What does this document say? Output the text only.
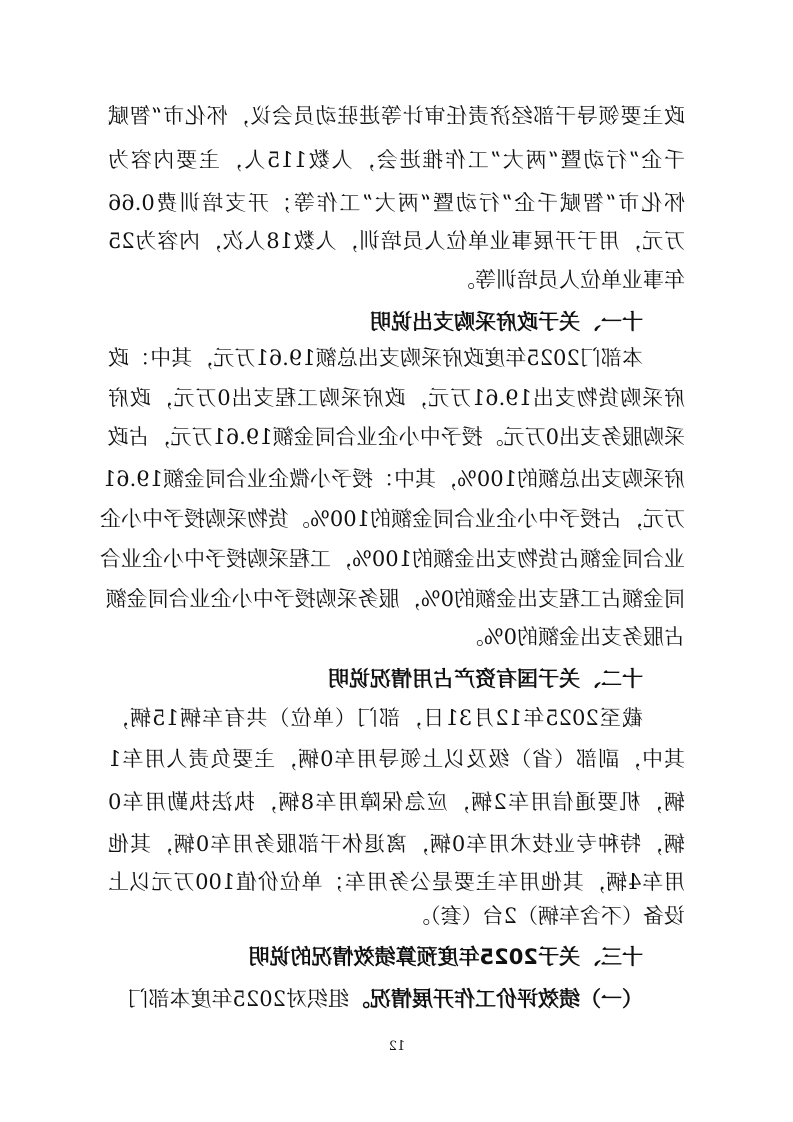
政主要领导干部经济责任审计等进驻动员会议，怀化市“智赋
千企”行动暨“两大”工作推进会，人数115人，主要内容为
怀化市“智赋千企”行动暨“两大”工作等；开支培训费0.66
万元，用于开展事业单位人员培训，人数18人次，内容为25
年事业单位人员培训等。
十一、关于政府采购支出说明
本部门2025年度政府采购支出总额19.61万元，其中：政
府采购货物支出19.61万元，政府采购工程支出0万元，政府
采购服务支出0万元。授予中小企业合同金额19.61万元，占政
府采购支出总额的100%，其中：授予小微企业合同金额19.61
万元，占授予中小企业合同金额的100%。货物采购授予中小企
业合同金额占货物支出金额的100%，工程采购授予中小企业合
同金额占工程支出金额的0%，服务采购授予中小企业合同金额
占服务支出金额的0%。
十二、关于国有资产占用情况说明
截至2025年12月31日，部门（单位）共有车辆15辆，
其中，副部（省）级及以上领导用车0辆，主要负责人用车1
辆，机要通信用车2辆，应急保障用车8辆，执法执勤用车0
辆，特种专业技术用车0辆，离退休干部服务用车0辆，其他
用车4辆，其他用车主要是公务用车；单位价值100万元以上
设备（不含车辆）2台（套）。
十三、关于2025年度预算绩效情况的说明
（一）绩效评价工作开展情况。组织对2025年度本部门
12
